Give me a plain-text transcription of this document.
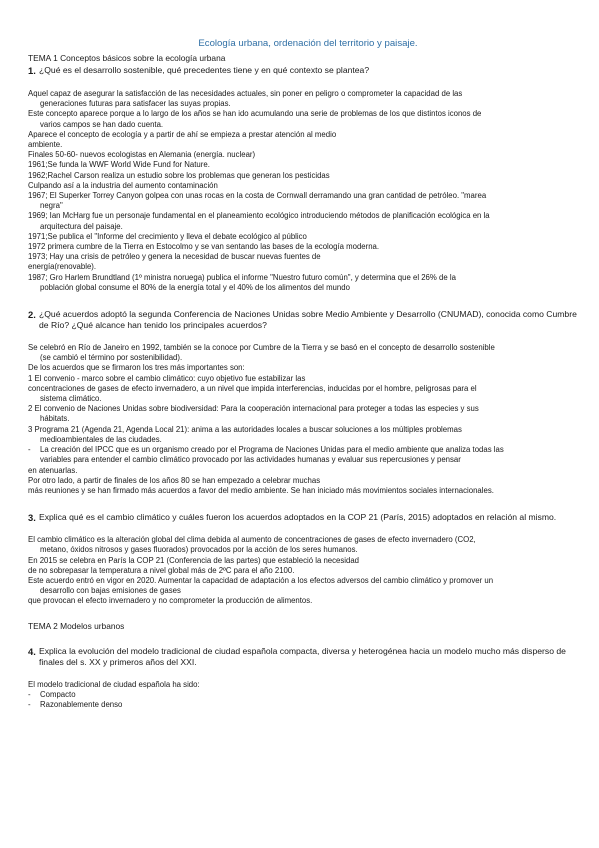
Ecología urbana, ordenación del territorio y paisaje.
TEMA 1 Conceptos básicos sobre la ecología urbana
1. ¿Qué es el desarrollo sostenible, qué precedentes tiene y en qué contexto se plantea?

Aquel capaz de asegurar la satisfacción de las necesidades actuales, sin poner en peligro o comprometer la capacidad de las

generaciones futuras para satisfacer las suyas propias.

Este concepto aparece porque a lo largo de los años se han ido acumulando una serie de problemas de los que distintos iconos de

varios campos se han dado cuenta.

Aparece el concepto de ecología y a partir de ahí se empieza a prestar atención al medio

ambiente.

Finales 50-60- nuevos ecologistas en Alemania (energía. nuclear)

1961;Se funda la WWF World Wide Fund for Nature.

1962;Rachel Carson realiza un estudio sobre los problemas que generan los pesticidas

Culpando así a la industria del aumento contaminación

1967; El Superker Torrey Canyon golpea con unas rocas en la costa de Cornwall derramando una gran cantidad de petróleo. "marea

negra"

1969; Ian McHarg fue un personaje fundamental en el planeamiento ecológico introduciendo métodos de planificación ecológica en la

arquitectura del paisaje.

1971;Se publica el "Informe del crecimiento y lleva el debate ecológico al público

1972 primera cumbre de la Tierra en Estocolmo y se van sentando las bases de la ecología moderna.

1973; Hay una crisis de petróleo y genera la necesidad de buscar nuevas fuentes de

energía(renovable).

1987; Gro Harlem Brundtland (1º ministra noruega) publica el informe "Nuestro futuro común", y determina que el 26% de la

población global consume el 80% de la energía total y el 40% de los alimentos del mundo

2. ¿Qué acuerdos adoptó la segunda Conferencia de Naciones Unidas sobre Medio Ambiente y Desarrollo (CNUMAD), conocida como Cumbre de Río? ¿Qué alcance han tenido los principales acuerdos?

Se celebró en Río de Janeiro en 1992, también se la conoce por Cumbre de la Tierra y se basó en el concepto de desarrollo sostenible

(se cambió el término por sostenibilidad).

De los acuerdos que se firmaron los tres más importantes son:

1 El convenio - marco sobre el cambio climático: cuyo objetivo fue estabilizar las

concentraciones de gases de efecto invernadero, a un nivel que impida interferencias, inducidas por el hombre, peligrosas para el

sistema climático.

2 El convenio de Naciones Unidas sobre biodiversidad: Para la cooperación internacional para proteger a todas las especies y sus

hábitats.

3 Programa 21 (Agenda 21, Agenda Local 21): anima a las autoridades locales a buscar soluciones a los múltiples problemas

medioambientales de las ciudades.

-	La creación del IPCC que es un organismo creado por el Programa de Naciones Unidas para el medio ambiente que analiza todas las

variables para entender el cambio climático provocado por las actividades humanas y evaluar sus repercusiones y pensar

en atenuarlas.

Por otro lado, a partir de finales de los años 80 se han empezado a celebrar muchas

más reuniones y se han firmado más acuerdos a favor del medio ambiente. Se han iniciado más movimientos sociales internacionales.

3. Explica qué es el cambio climático y cuáles fueron los acuerdos adoptados en la COP 21 (París, 2015) adoptados en relación al mismo.

El cambio climático es la alteración global del clima debida al aumento de concentraciones de gases de efecto invernadero (CO2,

metano, óxidos nitrosos y gases fluorados) provocados por la acción de los seres humanos.

En 2015 se celebra en París la COP 21 (Conferencia de las partes) que estableció la necesidad

de no sobrepasar la temperatura a nivel global más de 2ºC para el año 2100.

Este acuerdo entró en vigor en 2020. Aumentar la capacidad de adaptación a los efectos adversos del cambio climático y promover un

desarrollo con bajas emisiones de gases

que provocan el efecto invernadero y no comprometer la producción de alimentos.

TEMA 2 Modelos urbanos
4. Explica la evolución del modelo tradicional de ciudad española compacta, diversa y heterogénea hacia un modelo mucho más disperso de finales del s. XX y primeros años del XXI.

El modelo tradicional de ciudad española ha sido:

-	Compacto
-	Razonablemente denso
